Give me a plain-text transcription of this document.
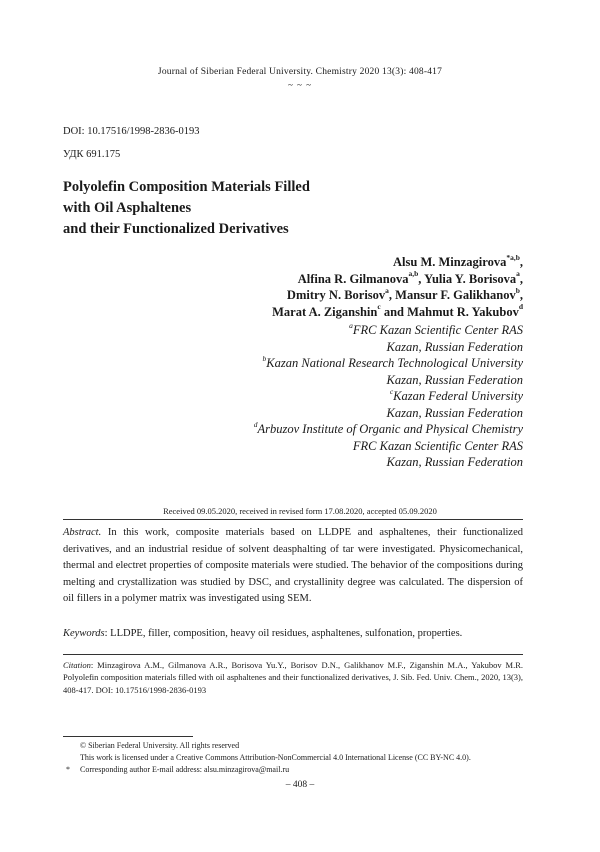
Journal of Siberian Federal University. Chemistry 2020 13(3): 408-417
~ ~ ~
DOI: 10.17516/1998-2836-0193
УДК 691.175
Polyolefin Composition Materials Filled
with Oil Asphaltenes
and their Functionalized Derivatives
Alsu M. Minzagirova$^{*a,b}$,
Alfina R. Gilmanova$^{a,b}$, Yulia Y. Borisova$^a$,
Dmitry N. Borisov$^a$, Mansur F. Galikhanov$^b$,
Marat A. Ziganshin$^c$ and Mahmut R. Yakubov$^d$
$^a$FRC Kazan Scientific Center RAS
Kazan, Russian Federation
$^b$Kazan National Research Technological University
Kazan, Russian Federation
$^c$Kazan Federal University
Kazan, Russian Federation
$^d$Arbuzov Institute of Organic and Physical Chemistry
FRC Kazan Scientific Center RAS
Kazan, Russian Federation
Received 09.05.2020, received in revised form 17.08.2020, accepted 05.09.2020
Abstract. In this work, composite materials based on LLDPE and asphaltenes, their functionalized derivatives, and an industrial residue of solvent deasphalting of tar were investigated. Physicomechanical, thermal and electret properties of composite materials were studied. The behavior of the compositions during melting and crystallization was studied by DSC, and crystallinity degree was calculated. The dispersion of oil fillers in a polymer matrix was investigated using SEM.
Keywords: LLDPE, filler, composition, heavy oil residues, asphaltenes, sulfonation, properties.
Citation: Minzagirova A.M., Gilmanova A.R., Borisova Yu.Y., Borisov D.N., Galikhanov M.F., Ziganshin M.A., Yakubov M.R. Polyolefin composition materials filled with oil asphaltenes and their functionalized derivatives, J. Sib. Fed. Univ. Chem., 2020, 13(3), 408-417. DOI: 10.17516/1998-2836-0193
© Siberian Federal University. All rights reserved
This work is licensed under a Creative Commons Attribution-NonCommercial 4.0 International License (CC BY-NC 4.0).
* Corresponding author E-mail address: alsu.minzagirova@mail.ru
– 408 –
